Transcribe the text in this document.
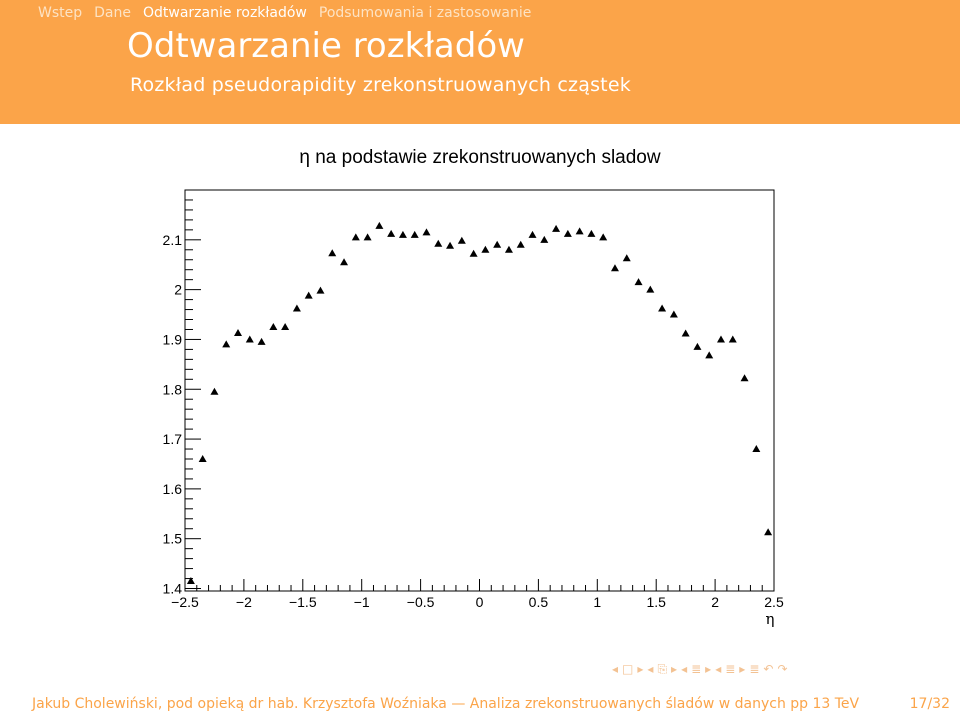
Wstep Dane Odtwarzanie rozkładów Podsumowania i zastosowanie
Odtwarzanie rozkładów
Rozkład pseudorapidity zrekonstruowanych cząstek
η na podstawie zrekonstruowanych sladow
−2.5	−2	−1.5	−1	−0.5	0	0.5	1	1.5	2	2.5
1.4
1.5
1.6
1.7
1.8
1.9
2
2.1
η
◂ □ ▸ ◂ ⎘ ▸ ◂ ≣ ▸ ◂ ≣ ▸ ≣ ↶ ↷
Jakub Cholewiński, pod opieką dr hab. Krzysztofa Woźniaka — Analiza zrekonstruowanych śladów w danych pp 13 TeV	17/32
